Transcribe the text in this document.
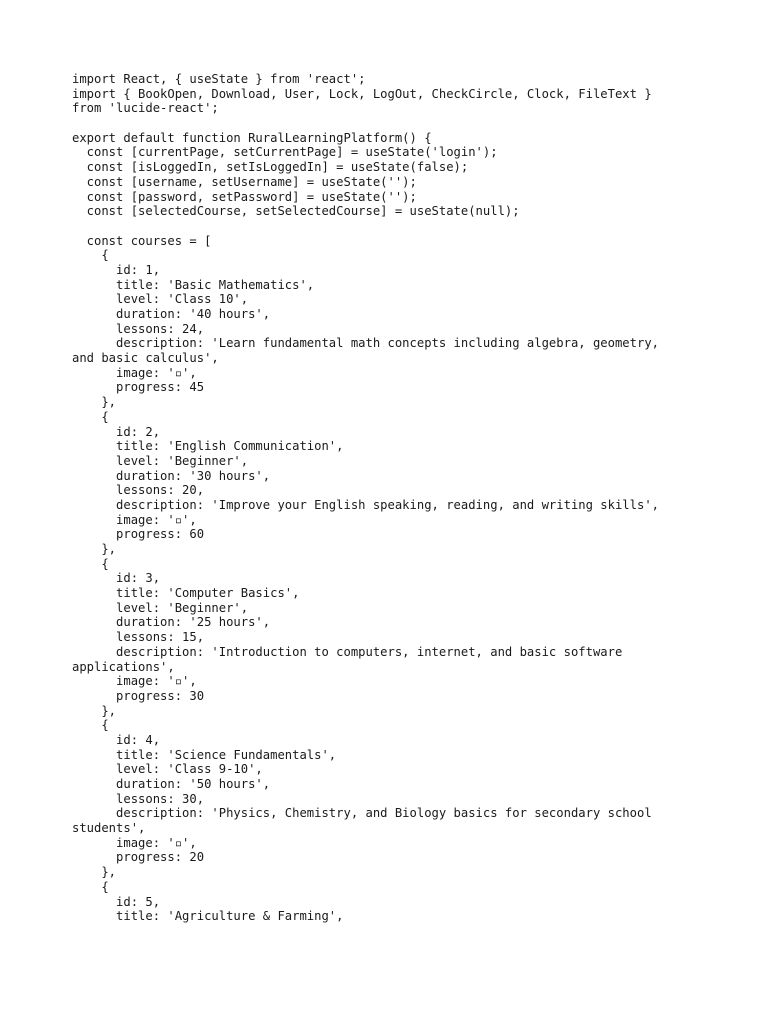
import React, { useState } from 'react';
import { BookOpen, Download, User, Lock, LogOut, CheckCircle, Clock, FileText }
from 'lucide-react';
export default function RuralLearningPlatform() {
const [currentPage, setCurrentPage] = useState('login');
const [isLoggedIn, setIsLoggedIn] = useState(false);
const [username, setUsername] = useState('');
const [password, setPassword] = useState('');
const [selectedCourse, setSelectedCourse] = useState(null);
const courses = [
{
id: 1,
title: 'Basic Mathematics',
level: 'Class 10',
duration: '40 hours',
lessons: 24,
description: 'Learn fundamental math concepts including algebra, geometry,
and basic calculus',
image: '▫',
progress: 45
},
{
id: 2,
title: 'English Communication',
level: 'Beginner',
duration: '30 hours',
lessons: 20,
description: 'Improve your English speaking, reading, and writing skills',
image: '▫',
progress: 60
},
{
id: 3,
title: 'Computer Basics',
level: 'Beginner',
duration: '25 hours',
lessons: 15,
description: 'Introduction to computers, internet, and basic software
applications',
image: '▫',
progress: 30
},
{
id: 4,
title: 'Science Fundamentals',
level: 'Class 9-10',
duration: '50 hours',
lessons: 30,
description: 'Physics, Chemistry, and Biology basics for secondary school
students',
image: '▫',
progress: 20
},
{
id: 5,
title: 'Agriculture & Farming',
